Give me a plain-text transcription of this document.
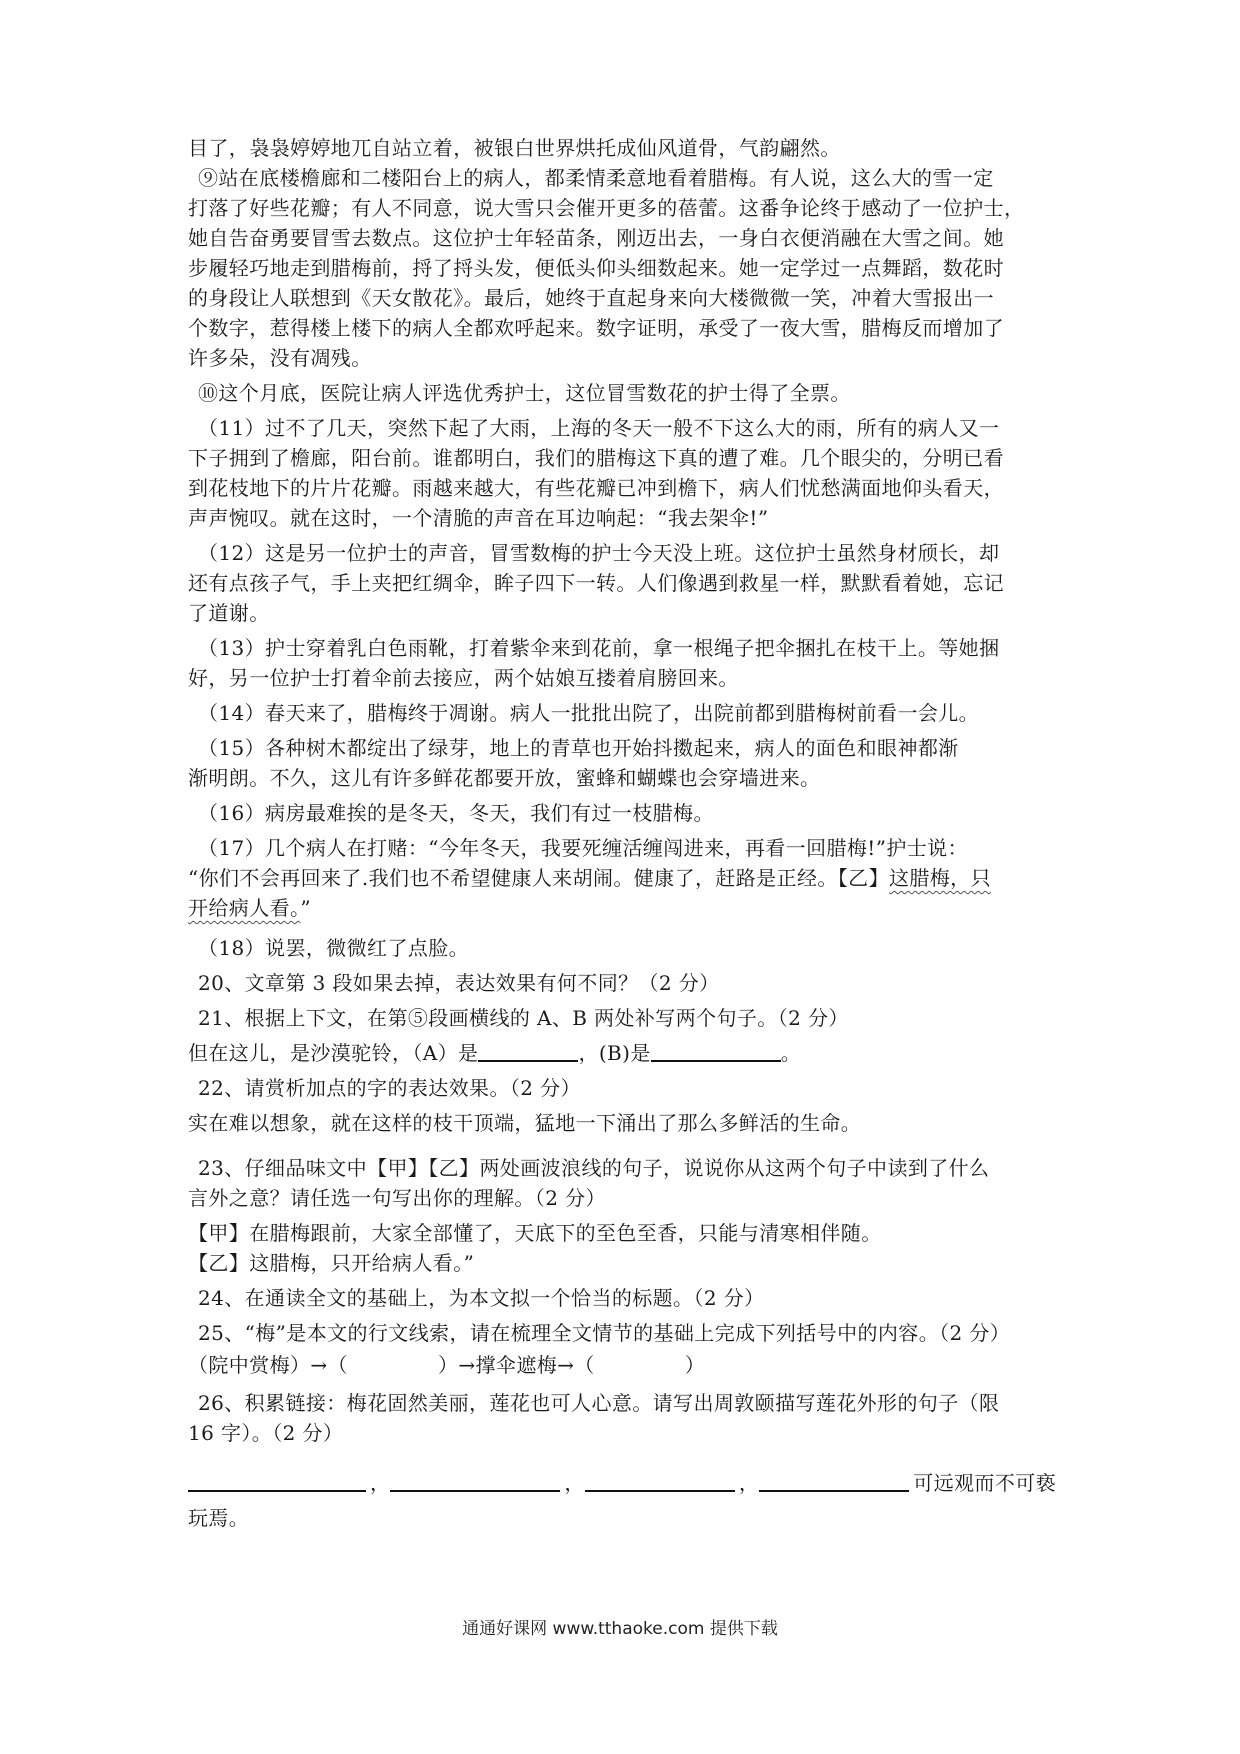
目了，袅袅婷婷地兀自站立着，被银白世界烘托成仙风道骨，气韵翩然。
⑨站在底楼檐廊和二楼阳台上的病人，都柔情柔意地看着腊梅。有人说，这么大的雪一定
打落了好些花瓣；有人不同意，说大雪只会催开更多的蓓蕾。这番争论终于感动了一位护士，
她自告奋勇要冒雪去数点。这位护士年轻苗条，刚迈出去，一身白衣便消融在大雪之间。她
步履轻巧地走到腊梅前，捋了捋头发，便低头仰头细数起来。她一定学过一点舞蹈，数花时
的身段让人联想到《天女散花》。最后，她终于直起身来向大楼微微一笑，冲着大雪报出一
个数字，惹得楼上楼下的病人全都欢呼起来。数字证明，承受了一夜大雪，腊梅反而增加了
许多朵，没有凋残。
⑩这个月底，医院让病人评选优秀护士，这位冒雪数花的护士得了全票。
（11）过不了几天，突然下起了大雨，上海的冬天一般不下这么大的雨，所有的病人又一
下子拥到了檐廊，阳台前。谁都明白，我们的腊梅这下真的遭了难。几个眼尖的，分明已看
到花枝地下的片片花瓣。雨越来越大，有些花瓣已冲到檐下，病人们忧愁满面地仰头看天，
声声惋叹。就在这时，一个清脆的声音在耳边响起：“我去架伞!”
（12）这是另一位护士的声音，冒雪数梅的护士今天没上班。这位护士虽然身材颀长，却
还有点孩子气，手上夹把红绸伞，眸子四下一转。人们像遇到救星一样，默默看着她，忘记
了道谢。
（13）护士穿着乳白色雨靴，打着紫伞来到花前，拿一根绳子把伞捆扎在枝干上。等她捆
好，另一位护士打着伞前去接应，两个姑娘互搂着肩膀回来。
（14）春天来了，腊梅终于凋谢。病人一批批出院了，出院前都到腊梅树前看一会儿。
（15）各种树木都绽出了绿芽，地上的青草也开始抖擞起来，病人的面色和眼神都渐
渐明朗。不久，这儿有许多鲜花都要开放，蜜蜂和蝴蝶也会穿墙进来。
（16）病房最难挨的是冬天，冬天，我们有过一枝腊梅。
（17）几个病人在打赌：“今年冬天，我要死缠活缠闯进来，再看一回腊梅!”护士说：
“你们不会再回来了.我们也不希望健康人来胡闹。健康了，赶路是正经。【乙】这腊梅，只
开给病人看。”
（18）说罢，微微红了点脸。
20、文章第 3 段如果去掉，表达效果有何不同？（2 分）
21、根据上下文，在第⑤段画横线的 A、B 两处补写两个句子。（2 分）
但在这儿，是沙漠驼铃，（A）是	，(B)是	。
22、请赏析加点的字的表达效果。（2 分）
实在难以想象，就在这样的枝干顶端，猛地一下涌出了那么多鲜活的生命。
23、仔细品味文中【甲】【乙】两处画波浪线的句子，说说你从这两个句子中读到了什么
言外之意？请任选一句写出你的理解。（2 分）
【甲】在腊梅跟前，大家全部懂了，天底下的至色至香，只能与清寒相伴随。
【乙】这腊梅，只开给病人看。”
24、在通读全文的基础上，为本文拟一个恰当的标题。（2 分）
25、“梅”是本文的行文线索，请在梳理全文情节的基础上完成下列括号中的内容。（2 分）
（院中赏梅）→（	）→撑伞遮梅→（	）
26、积累链接：梅花固然美丽，莲花也可人心意。请写出周敦颐描写莲花外形的句子（限
16 字）。（2 分）
，	，	，	可远观而不可亵
玩焉。
通通好课网 www.tthaoke.com 提供下载
